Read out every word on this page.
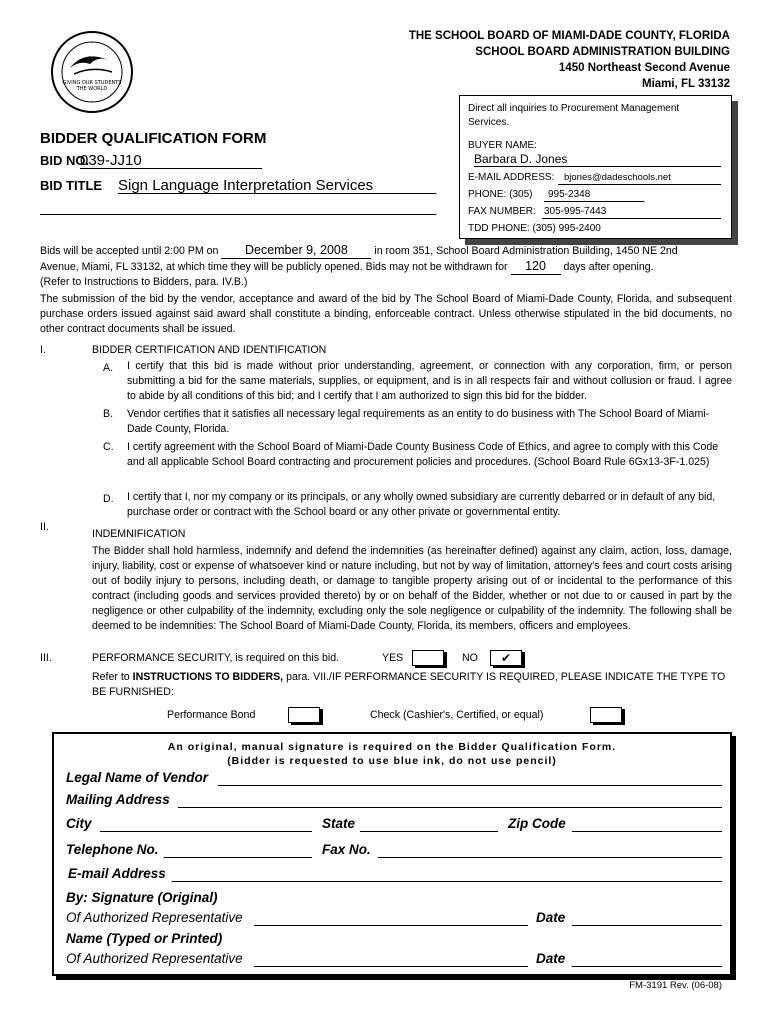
GIVING OUR STUDENTS
THE WORLD
THE SCHOOL BOARD OF MIAMI-DADE COUNTY, FLORIDA
SCHOOL BOARD ADMINISTRATION BUILDING
1450 Northeast Second Avenue
Miami, FL 33132
Direct all inquiries to Procurement Management Services.
BUYER NAME:
Barbara D. Jones
E-MAIL ADDRESS:	bjones@dadeschools.net
PHONE: (305)	995-2348
FAX NUMBER: 305-995-7443
TDD PHONE: (305) 995-2400
BIDDER QUALIFICATION FORM
BID NO.
039-JJ10
BID TITLE Sign Language Interpretation Services
Bids will be accepted until 2:00 PM on December 9, 2008	in room 351, School Board Administration Building, 1450 NE 2nd
Avenue, Miami, FL 33132, at which time they will be publicly opened. Bids may not be withdrawn for 120 days after opening.
(Refer to Instructions to Bidders, para. IV.B.)
The submission of the bid by the vendor, acceptance and award of the bid by The School Board of Miami-Dade County, Florida, and subsequent purchase orders issued against said award shall constitute a binding, enforceable contract. Unless otherwise stipulated in the bid documents, no other contract documents shall be issued.
I.	BIDDER CERTIFICATION AND IDENTIFICATION
A. I certify that this bid is made without prior understanding, agreement, or connection with any corporation, firm, or person submitting a bid for the same materials, supplies, or equipment, and is in all respects fair and without collusion or fraud. I agree to abide by all conditions of this bid; and I certify that I am authorized to sign this bid for the bidder.
B. Vendor certifies that it satisfies all necessary legal requirements as an entity to do business with The School Board of Miami-Dade County, Florida.
C. I certify agreement with the School Board of Miami-Dade County Business Code of Ethics, and agree to comply with this Code and all applicable School Board contracting and procurement policies and procedures. (School Board Rule 6Gx13-3F-1.025)
D. I certify that I, nor my company or its principals, or any wholly owned subsidiary are currently debarred or in default of any bid, purchase order or contract with the School board or any other private or governmental entity.
II.
INDEMNIFICATION
The Bidder shall hold harmless, indemnify and defend the indemnities (as hereinafter defined) against any claim, action, loss, damage, injury, liability, cost or expense of whatsoever kind or nature including, but not by way of limitation, attorney's fees and court costs arising out of bodily injury to persons, including death, or damage to tangible property arising out of or incidental to the performance of this contract (including goods and services provided thereto) by or on behalf of the Bidder, whether or not due to or caused in part by the negligence or other culpability of the indemnity, excluding only the sole negligence or culpability of the indemnity. The following shall be deemed to be indemnities: The School Board of Miami-Dade County, Florida, its members, officers and employees.
III.	PERFORMANCE SECURITY, is required on this bid.	YES	NO	✔
Refer to INSTRUCTIONS TO BIDDERS, para. VII./IF PERFORMANCE SECURITY IS REQUIRED, PLEASE INDICATE THE TYPE TO BE FURNISHED:
Performance Bond	Check (Cashier's, Certified, or equal)
An original, manual signature is required on the Bidder Qualification Form.
(Bidder is requested to use blue ink, do not use pencil)
Legal Name of Vendor
Mailing Address
City	State	Zip Code
Telephone No.	Fax No.
E-mail Address
By: Signature (Original)
Of Authorized Representative	Date
Name (Typed or Printed)
Of Authorized Representative	Date
FM-3191 Rev. (06-08)
